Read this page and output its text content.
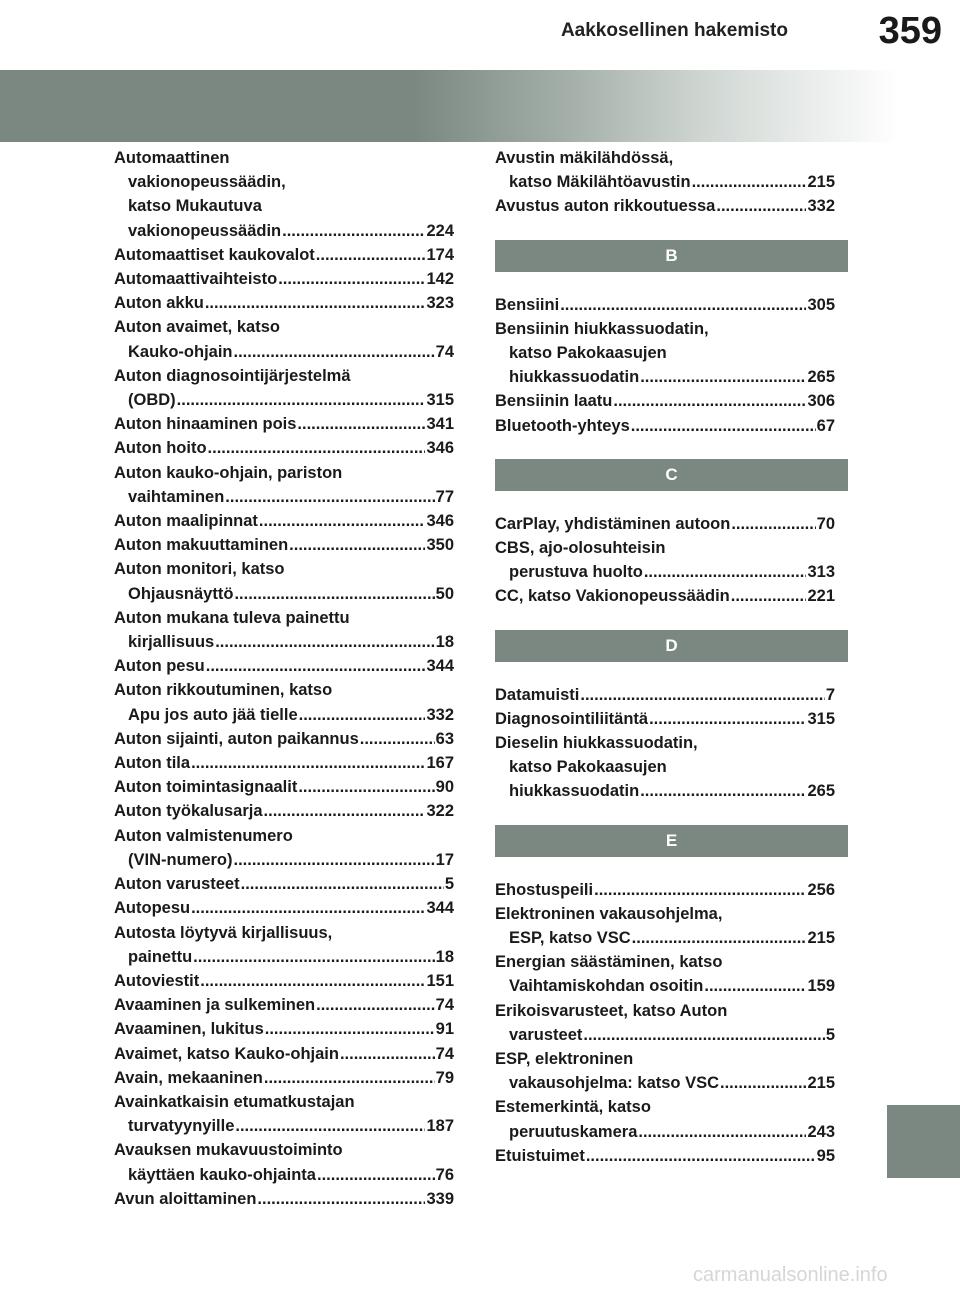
Aakkosellinen hakemisto	359
Automaattinen
vakionopeussäädin,
katso Mukautuva
vakionopeussäädin .....	224
Automaattiset kaukovalot .....	174
Automaattivaihteisto .....	142
Auton akku .....	323
Auton avaimet, katso
Kauko-ohjain .....	74
Auton diagnosointijärjestelmä
(OBD) .....	315
Auton hinaaminen pois .....	341
Auton hoito .....	346
Auton kauko-ohjain, pariston
vaihtaminen .....	77
Auton maalipinnat .....	346
Auton makuuttaminen .....	350
Auton monitori, katso
Ohjausnäyttö .....	50
Auton mukana tuleva painettu
kirjallisuus .....	18
Auton pesu .....	344
Auton rikkoutuminen, katso
Apu jos auto jää tielle .....	332
Auton sijainti, auton paikannus .....	63
Auton tila .....	167
Auton toimintasignaalit .....	90
Auton työkalusarja .....	322
Auton valmistenumero
(VIN-numero) .....	17
Auton varusteet .....	5
Autopesu .....	344
Autosta löytyvä kirjallisuus,
painettu .....	18
Autoviestit .....	151
Avaaminen ja sulkeminen .....	74
Avaaminen, lukitus .....	91
Avaimet, katso Kauko-ohjain .....	74
Avain, mekaaninen .....	79
Avainkatkaisin etumatkustajan
turvatyynyille .....	187
Avauksen mukavuustoiminto
käyttäen kauko-ohjainta .....	76
Avun aloittaminen .....	339
Avustin mäkilähdössä,
katso Mäkilähtöavustin .....	215
Avustus auton rikkoutuessa .....	332
B
Bensiini .....	305
Bensiinin hiukkassuodatin,
katso Pakokaasujen
hiukkassuodatin .....	265
Bensiinin laatu .....	306
Bluetooth-yhteys .....	67
C
CarPlay, yhdistäminen autoon .....	70
CBS, ajo-olosuhteisin
perustuva huolto .....	313
CC, katso Vakionopeussäädin .....	221
D
Datamuisti .....	7
Diagnosointiliitäntä .....	315
Dieselin hiukkassuodatin,
katso Pakokaasujen
hiukkassuodatin .....	265
E
Ehostuspeili .....	256
Elektroninen vakausohjelma,
ESP, katso VSC .....	215
Energian säästäminen, katso
Vaihtamiskohdan osoitin .....	159
Erikoisvarusteet, katso Auton
varusteet .....	5
ESP, elektroninen
vakausohjelma: katso VSC .....	215
Estemerkintä, katso
peruutuskamera .....	243
Etuistuimet .....	95
carmanualsonline.info
